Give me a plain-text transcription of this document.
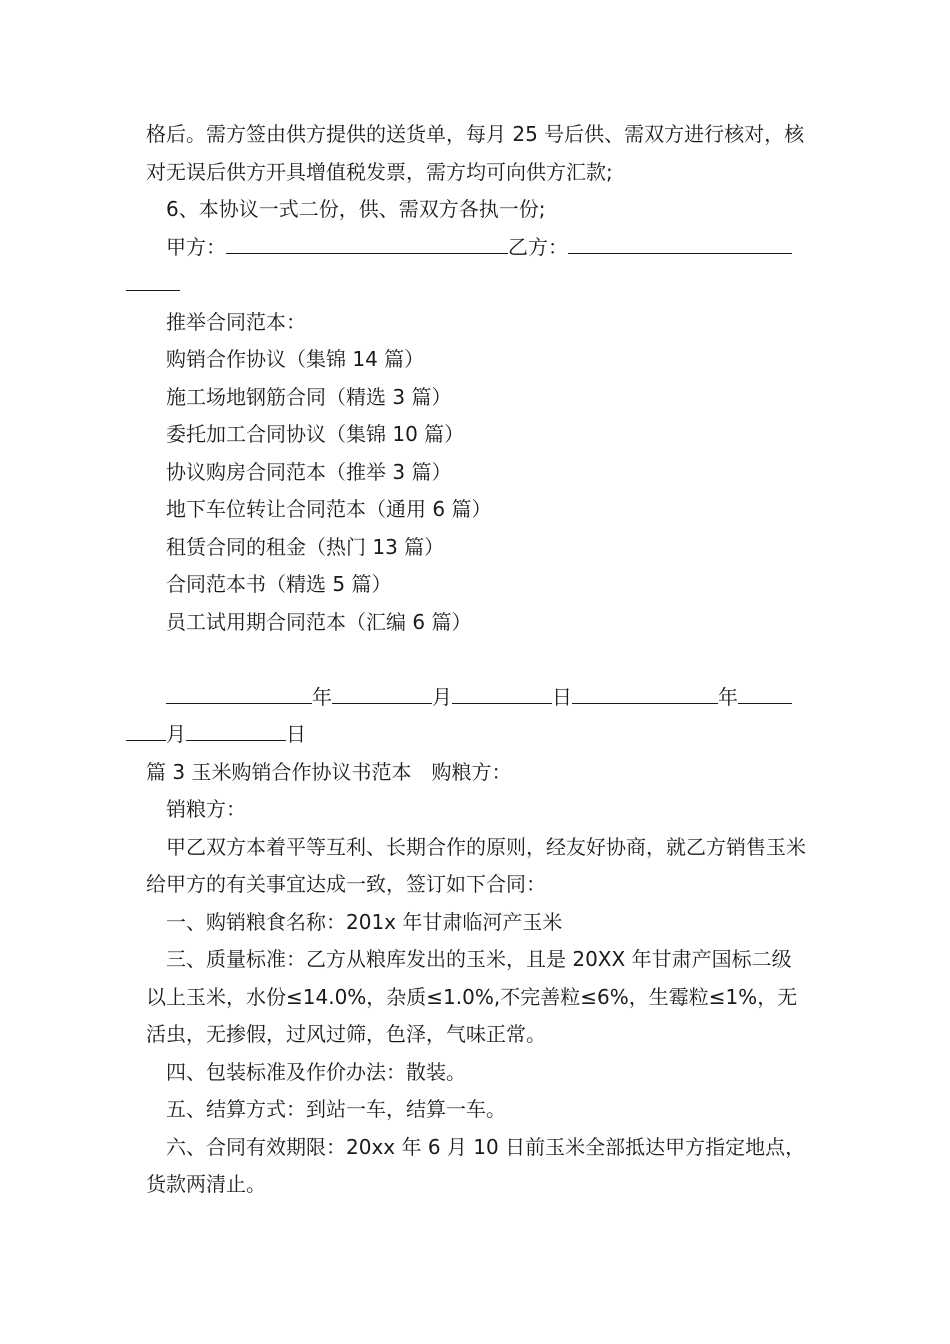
格后。需方签由供方提供的送货单，每月 25 号后供、需双方进行核对，核对无误后供方开具增值税发票，需方均可向供方汇款;

6、本协议一式二份，供、需双方各执一份;

甲方：	乙方：

推举合同范本：

购销合作协议（集锦 14 篇）

施工场地钢筋合同（精选 3 篇）

委托加工合同协议（集锦 10 篇）

协议购房合同范本（推举 3 篇）

地下车位转让合同范本（通用 6 篇）

租赁合同的租金（热门 13 篇）

合同范本书（精选 5 篇）

员工试用期合同范本（汇编 6 篇）

年	月	日	年
月	日

篇 3 玉米购销合作协议书范本　购粮方：

销粮方：

甲乙双方本着平等互利、长期合作的原则，经友好协商，就乙方销售玉米给甲方的有关事宜达成一致，签订如下合同：

一、购销粮食名称：201x 年甘肃临河产玉米

三、质量标准：乙方从粮库发出的玉米，且是 20XX 年甘肃产国标二级以上玉米，水份≤14.0%，杂质≤1.0%,不完善粒≤6%，生霉粒≤1%，无活虫，无掺假，过风过筛，色泽，气味正常。

四、包装标准及作价办法：散装。

五、结算方式：到站一车，结算一车。

六、合同有效期限：20xx 年 6 月 10 日前玉米全部抵达甲方指定地点，货款两清止。
